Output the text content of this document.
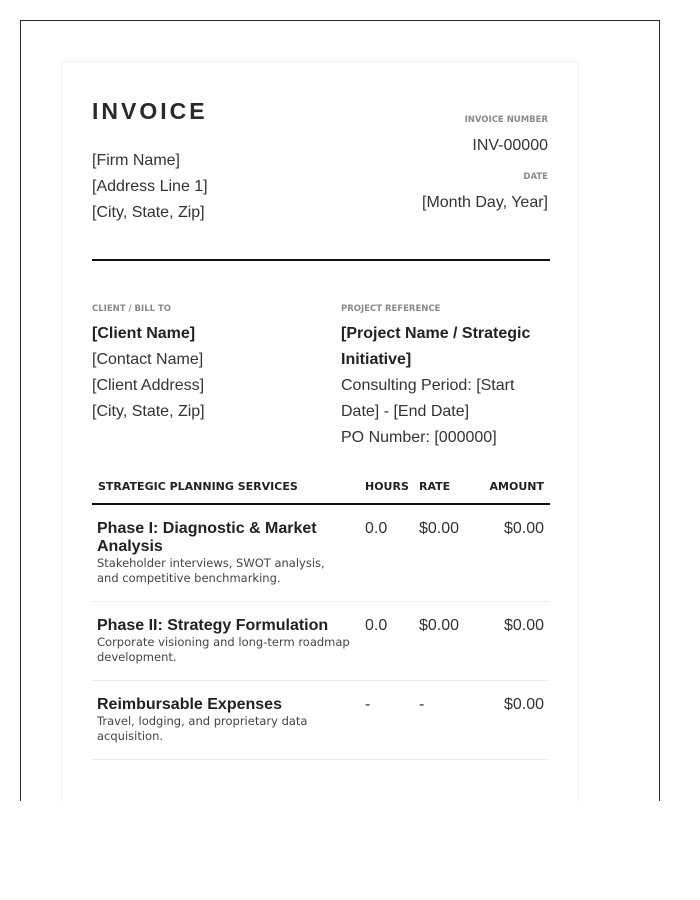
INVOICE
[Firm Name]
[Address Line 1]
[City, State, Zip]
INVOICE NUMBER
INV-00000
DATE
[Month Day, Year]
CLIENT / BILL TO
[Client Name]
[Contact Name]
[Client Address]
[City, State, Zip]
PROJECT REFERENCE
[Project Name / Strategic
Initiative]
Consulting Period: [Start
Date] - [End Date]
PO Number: [000000]
STRATEGIC PLANNING SERVICES	HOURS RATE	AMOUNT
Phase I: Diagnostic & Market
Analysis
Stakeholder interviews, SWOT analysis,
and competitive benchmarking.
0.0 $0.00	$0.00
Phase II: Strategy Formulation
Corporate visioning and long-term roadmap
development.
0.0 $0.00	$0.00
Reimbursable Expenses
Travel, lodging, and proprietary data
acquisition.
-	-	$0.00
